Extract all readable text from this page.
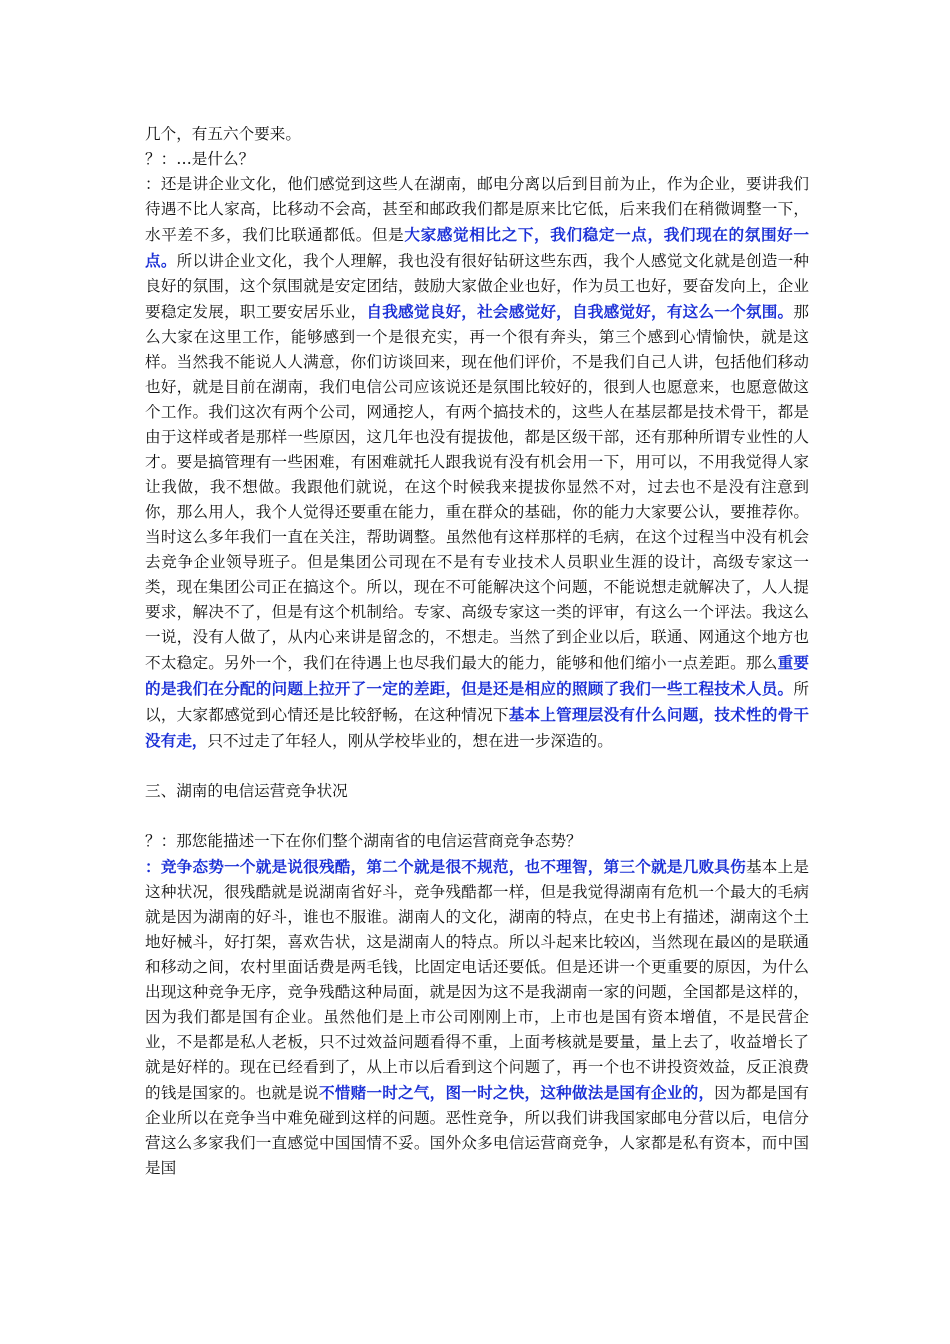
几个，有五六个要来。

？：…是什么？

：还是讲企业文化，他们感觉到这些人在湖南，邮电分离以后到目前为止，作为企业，要讲我们待遇不比人家高，比移动不会高，甚至和邮政我们都是原来比它低，后来我们在稍微调整一下，水平差不多，我们比联通都低。但是大家感觉相比之下，我们稳定一点，我们现在的氛围好一点。所以讲企业文化，我个人理解，我也没有很好钻研这些东西，我个人感觉文化就是创造一种良好的氛围，这个氛围就是安定团结，鼓励大家做企业也好，作为员工也好，要奋发向上，企业要稳定发展，职工要安居乐业，自我感觉良好，社会感觉好，自我感觉好，有这么一个氛围。那么大家在这里工作，能够感到一个是很充实，再一个很有奔头，第三个感到心情愉快，就是这样。当然我不能说人人满意，你们访谈回来，现在他们评价，不是我们自己人讲，包括他们移动也好，就是目前在湖南，我们电信公司应该说还是氛围比较好的，很到人也愿意来，也愿意做这个工作。我们这次有两个公司，网通挖人，有两个搞技术的，这些人在基层都是技术骨干，都是由于这样或者是那样一些原因，这几年也没有提拔他，都是区级干部，还有那种所谓专业性的人才。要是搞管理有一些困难，有困难就托人跟我说有没有机会用一下，用可以，不用我觉得人家让我做，我不想做。我跟他们就说，在这个时候我来提拔你显然不对，过去也不是没有注意到你，那么用人，我个人觉得还要重在能力，重在群众的基础，你的能力大家要公认，要推荐你。当时这么多年我们一直在关注，帮助调整。虽然他有这样那样的毛病，在这个过程当中没有机会去竞争企业领导班子。但是集团公司现在不是有专业技术人员职业生涯的设计，高级专家这一类，现在集团公司正在搞这个。所以，现在不可能解决这个问题，不能说想走就解决了，人人提要求，解决不了，但是有这个机制给。专家、高级专家这一类的评审，有这么一个评法。我这么一说，没有人做了，从内心来讲是留念的，不想走。当然了到企业以后，联通、网通这个地方也不太稳定。另外一个，我们在待遇上也尽我们最大的能力，能够和他们缩小一点差距。那么重要的是我们在分配的问题上拉开了一定的差距，但是还是相应的照顾了我们一些工程技术人员。所以，大家都感觉到心情还是比较舒畅，在这种情况下基本上管理层没有什么问题，技术性的骨干没有走，只不过走了年轻人，刚从学校毕业的，想在进一步深造的。

三、湖南的电信运营竞争状况

？：那您能描述一下在你们整个湖南省的电信运营商竞争态势？

：竞争态势一个就是说很残酷，第二个就是很不规范，也不理智，第三个就是几败具伤基本上是这种状况，很残酷就是说湖南省好斗，竞争残酷都一样，但是我觉得湖南有危机一个最大的毛病就是因为湖南的好斗，谁也不服谁。湖南人的文化，湖南的特点，在史书上有描述，湖南这个土地好械斗，好打架，喜欢告状，这是湖南人的特点。所以斗起来比较凶，当然现在最凶的是联通和移动之间，农村里面话费是两毛钱，比固定电话还要低。但是还讲一个更重要的原因，为什么出现这种竞争无序，竞争残酷这种局面，就是因为这不是我湖南一家的问题，全国都是这样的，因为我们都是国有企业。虽然他们是上市公司刚刚上市，上市也是国有资本增值，不是民营企业，不是都是私人老板，只不过效益问题看得不重，上面考核就是要量，量上去了，收益增长了就是好样的。现在已经看到了，从上市以后看到这个问题了，再一个也不讲投资效益，反正浪费的钱是国家的。也就是说不惜赌一时之气，图一时之快，这种做法是国有企业的，因为都是国有企业所以在竞争当中难免碰到这样的问题。恶性竞争，所以我们讲我国家邮电分营以后，电信分营这么多家我们一直感觉中国国情不妥。国外众多电信运营商竞争，人家都是私有资本，而中国是国
